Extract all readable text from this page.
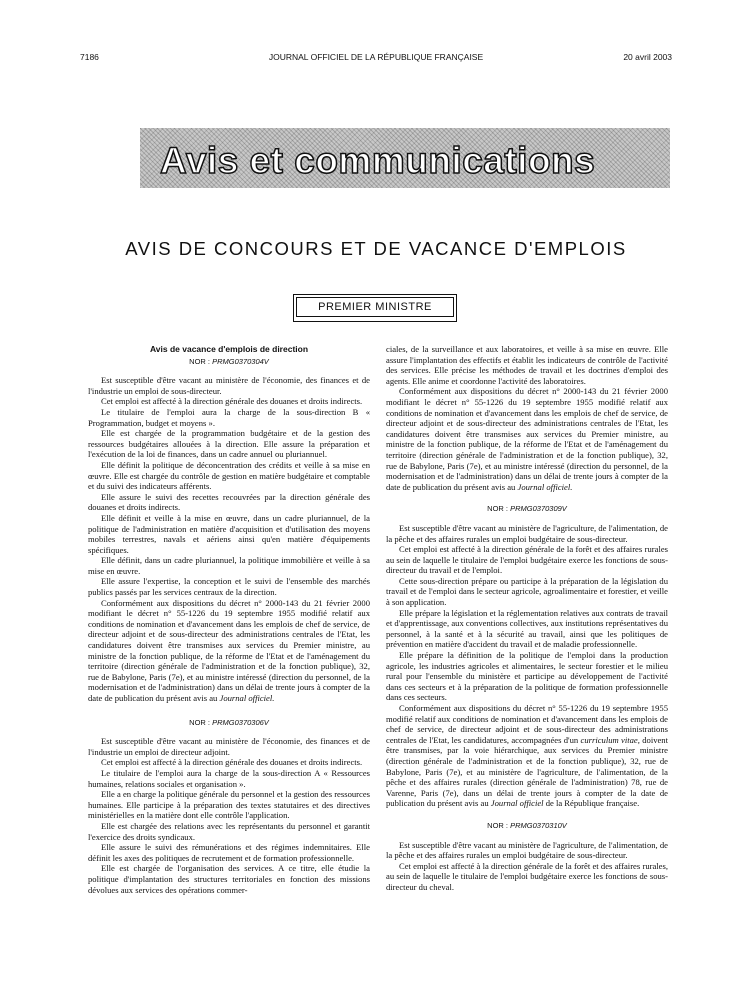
7186	JOURNAL OFFICIEL DE LA RÉPUBLIQUE FRANÇAISE	20 avril 2003
Avis et communications
AVIS DE CONCOURS ET DE VACANCE D'EMPLOIS
PREMIER MINISTRE
Avis de vacance d'emplois de direction
NOR : PRMG0370304V

Est susceptible d'être vacant au ministère de l'économie, des finances et de l'industrie un emploi de sous-directeur.

Cet emploi est affecté à la direction générale des douanes et droits indirects.

Le titulaire de l'emploi aura la charge de la sous-direction B « Programmation, budget et moyens ».

Elle est chargée de la programmation budgétaire et de la gestion des ressources budgétaires allouées à la direction. Elle assure la préparation et l'exécution de la loi de finances, dans un cadre annuel ou pluriannuel.

Elle définit la politique de déconcentration des crédits et veille à sa mise en œuvre. Elle est chargée du contrôle de gestion en matière budgétaire et comptable et du suivi des indicateurs afférents.

Elle assure le suivi des recettes recouvrées par la direction générale des douanes et droits indirects.

Elle définit et veille à la mise en œuvre, dans un cadre pluriannuel, de la politique de l'administration en matière d'acquisition et d'utilisation des moyens mobiles terrestres, navals et aériens ainsi qu'en matière d'équipements spécifiques.

Elle définit, dans un cadre pluriannuel, la politique immobilière et veille à sa mise en œuvre.

Elle assure l'expertise, la conception et le suivi de l'ensemble des marchés publics passés par les services centraux de la direction.

Conformément aux dispositions du décret n° 2000-143 du 21 février 2000 modifiant le décret n° 55-1226 du 19 septembre 1955 modifié relatif aux conditions de nomination et d'avancement dans les emplois de chef de service, de directeur adjoint et de sous-directeur des administrations centrales de l'Etat, les candidatures doivent être transmises aux services du Premier ministre, au ministre de la fonction publique, de la réforme de l'Etat et de l'aménagement du territoire (direction générale de l'administration et de la fonction publique), 32, rue de Babylone, Paris (7e), et au ministre intéressé (direction du personnel, de la modernisation et de l'administration) dans un délai de trente jours à compter de la date de publication du présent avis au Journal officiel.

NOR : PRMG0370306V

Est susceptible d'être vacant au ministère de l'économie, des finances et de l'industrie un emploi de directeur adjoint.

Cet emploi est affecté à la direction générale des douanes et droits indirects.

Le titulaire de l'emploi aura la charge de la sous-direction A « Ressources humaines, relations sociales et organisation ».

Elle a en charge la politique générale du personnel et la gestion des ressources humaines. Elle participe à la préparation des textes statutaires et des directives ministérielles en la matière dont elle contrôle l'application.

Elle est chargée des relations avec les représentants du personnel et garantit l'exercice des droits syndicaux.

Elle assure le suivi des rémunérations et des régimes indemnitaires. Elle définit les axes des politiques de recrutement et de formation professionnelle.

Elle est chargée de l'organisation des services. A ce titre, elle étudie la politique d'implantation des structures territoriales en fonction des missions dévolues aux services des opérations commer-

ciales, de la surveillance et aux laboratoires, et veille à sa mise en œuvre. Elle assure l'implantation des effectifs et établit les indicateurs de contrôle de l'activité des services. Elle précise les méthodes de travail et les doctrines d'emploi des agents. Elle anime et coordonne l'activité des laboratoires.

Conformément aux dispositions du décret n° 2000-143 du 21 février 2000 modifiant le décret n° 55-1226 du 19 septembre 1955 modifié relatif aux conditions de nomination et d'avancement dans les emplois de chef de service, de directeur adjoint et de sous-directeur des administrations centrales de l'Etat, les candidatures doivent être transmises aux services du Premier ministre, au ministre de la fonction publique, de la réforme de l'Etat et de l'aménagement du territoire (direction générale de l'administration et de la fonction publique), 32, rue de Babylone, Paris (7e), et au ministre intéressé (direction du personnel, de la modernisation et de l'administration) dans un délai de trente jours à compter de la date de publication du présent avis au Journal officiel.

NOR : PRMG0370309V

Est susceptible d'être vacant au ministère de l'agriculture, de l'alimentation, de la pêche et des affaires rurales un emploi budgétaire de sous-directeur.

Cet emploi est affecté à la direction générale de la forêt et des affaires rurales au sein de laquelle le titulaire de l'emploi budgétaire exerce les fonctions de sous-directeur du travail et de l'emploi.

Cette sous-direction prépare ou participe à la préparation de la législation du travail et de l'emploi dans le secteur agricole, agroalimentaire et forestier, et veille à son application.

Elle prépare la législation et la réglementation relatives aux contrats de travail et d'apprentissage, aux conventions collectives, aux institutions représentatives du personnel, à la santé et à la sécurité au travail, ainsi que les politiques de prévention en matière d'accident du travail et de maladie professionnelle.

Elle prépare la définition de la politique de l'emploi dans la production agricole, les industries agricoles et alimentaires, le secteur forestier et le milieu rural pour l'ensemble du ministère et participe au développement de l'activité dans ces secteurs et à la préparation de la politique de formation professionnelle dans ces secteurs.

Conformément aux dispositions du décret n° 55-1226 du 19 septembre 1955 modifié relatif aux conditions de nomination et d'avancement dans les emplois de chef de service, de directeur adjoint et de sous-directeur des administrations centrales de l'Etat, les candidatures, accompagnées d'un curriculum vitae, doivent être transmises, par la voie hiérarchique, aux services du Premier ministre (direction générale de l'administration et de la fonction publique), 32, rue de Babylone, Paris (7e), et au ministère de l'agriculture, de l'alimentation, de la pêche et des affaires rurales (direction générale de l'administration) 78, rue de Varenne, Paris (7e), dans un délai de trente jours à compter de la date de publication du présent avis au Journal officiel de la République française.

NOR : PRMG0370310V

Est susceptible d'être vacant au ministère de l'agriculture, de l'alimentation, de la pêche et des affaires rurales un emploi budgétaire de sous-directeur.

Cet emploi est affecté à la direction générale de la forêt et des affaires rurales, au sein de laquelle le titulaire de l'emploi budgétaire exerce les fonctions de sous-directeur du cheval.
